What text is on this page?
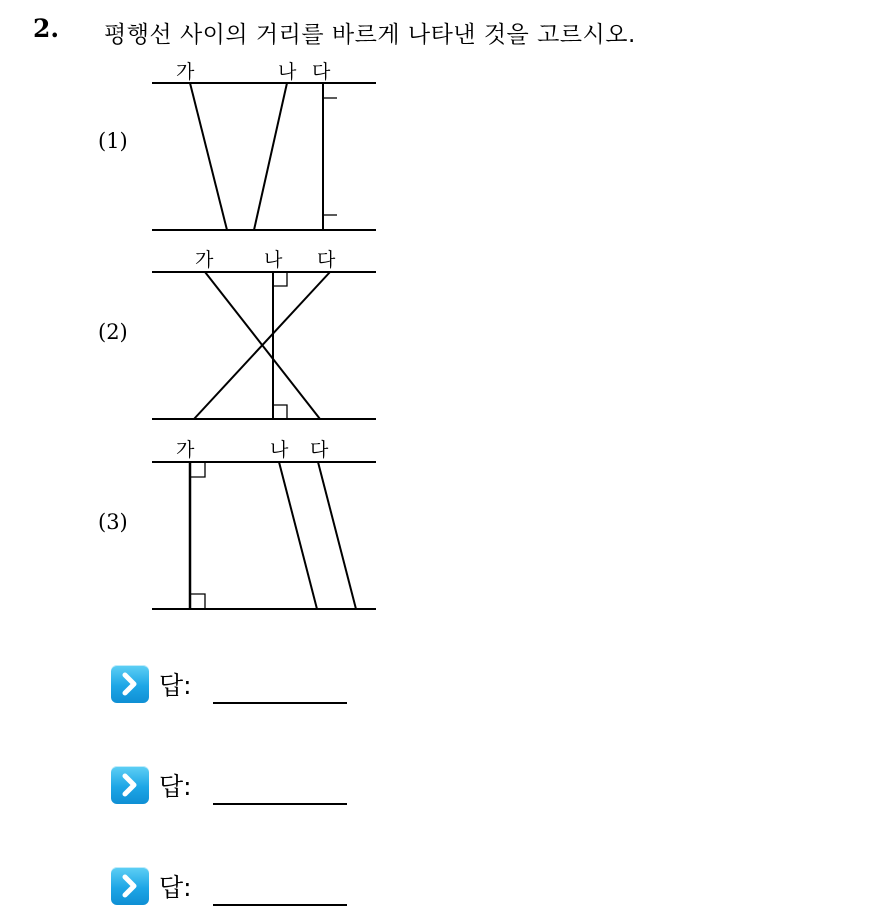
2. 평행선 사이의 거리를 바르게 나타낸 것을 고르시오.
(1)
가	나 다
(2)
가	나 다
(3)
가	나 다
답:
답:
답:
